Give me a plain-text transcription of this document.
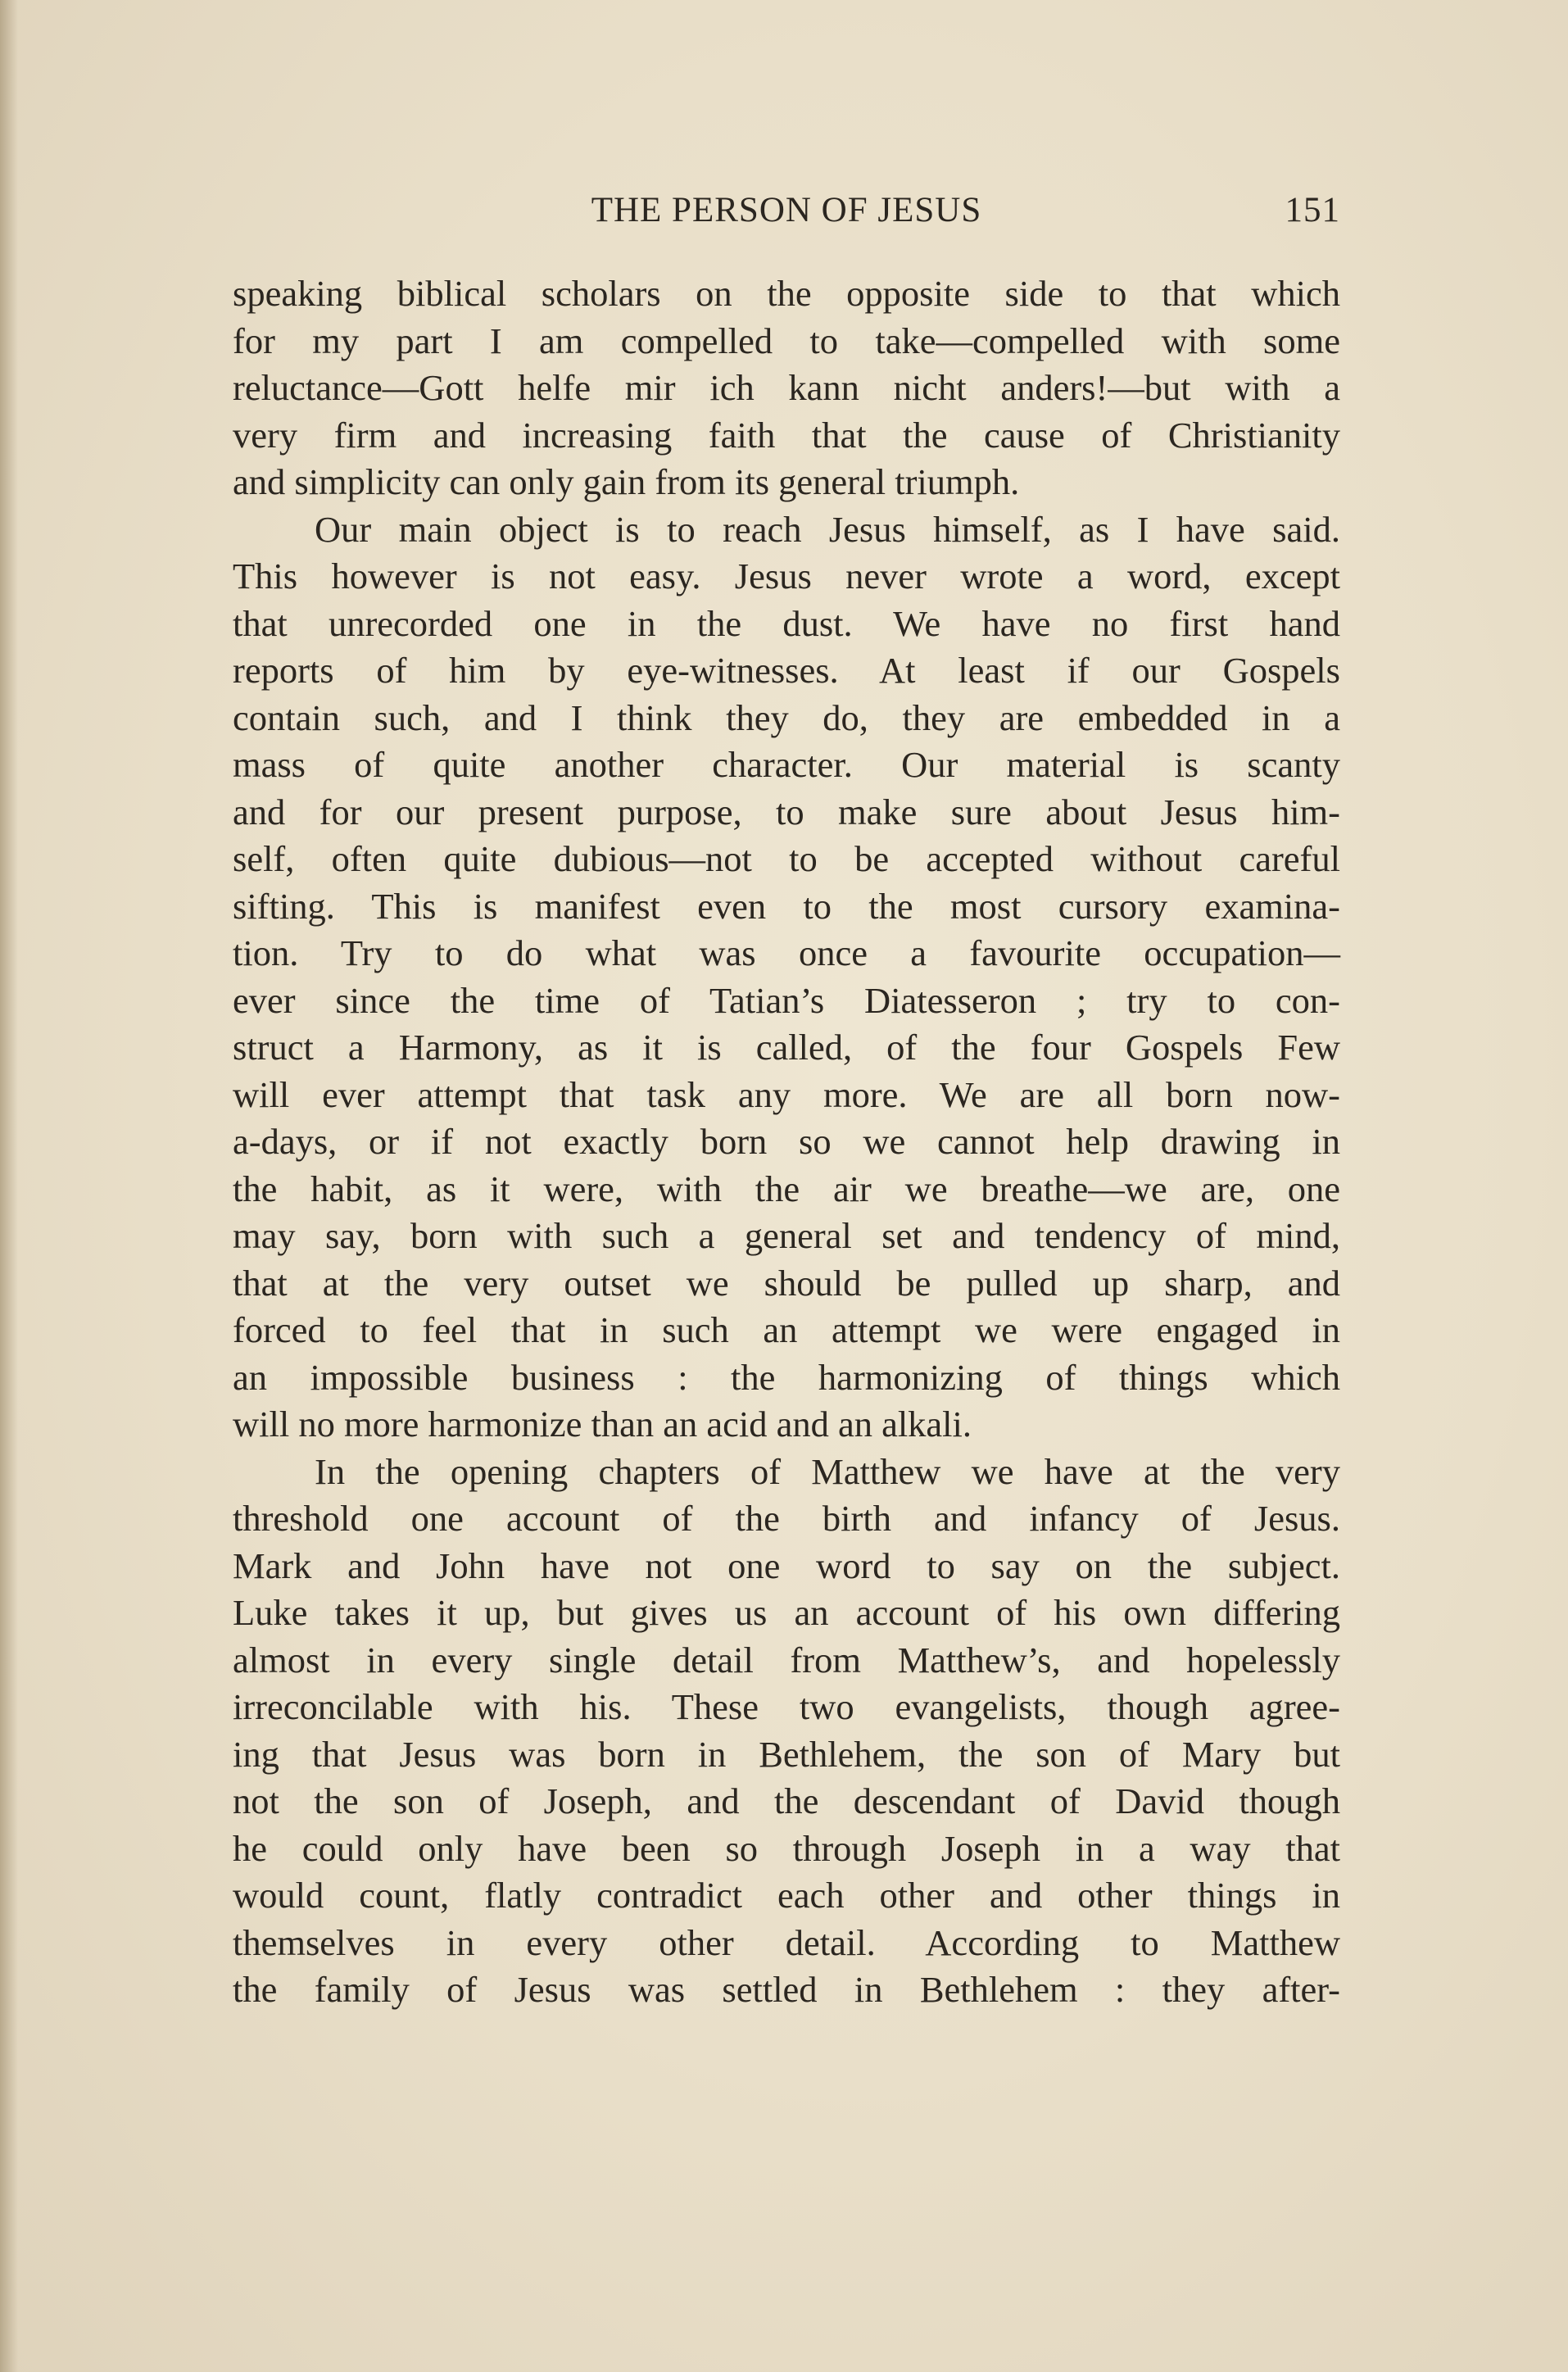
THE PERSON OF JESUS	151
speaking biblical scholars on the opposite side to that which
for my part I am compelled to take—compelled with some
reluctance—Gott helfe mir ich kann nicht anders!—but with a
very firm and increasing faith that the cause of Christianity
and simplicity can only gain from its general triumph.
Our main object is to reach Jesus himself, as I have said.
This however is not easy. Jesus never wrote a word, except
that unrecorded one in the dust. We have no first hand
reports of him by eye-witnesses. At least if our Gospels
contain such, and I think they do, they are embedded in a
mass of quite another character. Our material is scanty
and for our present purpose, to make sure about Jesus him-
self, often quite dubious—not to be accepted without careful
sifting. This is manifest even to the most cursory examina-
tion. Try to do what was once a favourite occupation—
ever since the time of Tatian’s Diatesseron ; try to con-
struct a Harmony, as it is called, of the four Gospels Few
will ever attempt that task any more. We are all born now-
a-days, or if not exactly born so we cannot help drawing in
the habit, as it were, with the air we breathe—we are, one
may say, born with such a general set and tendency of mind,
that at the very outset we should be pulled up sharp, and
forced to feel that in such an attempt we were engaged in
an impossible business : the harmonizing of things which
will no more harmonize than an acid and an alkali.
In the opening chapters of Matthew we have at the very
threshold one account of the birth and infancy of Jesus.
Mark and John have not one word to say on the subject.
Luke takes it up, but gives us an account of his own differing
almost in every single detail from Matthew’s, and hopelessly
irreconcilable with his. These two evangelists, though agree-
ing that Jesus was born in Bethlehem, the son of Mary but
not the son of Joseph, and the descendant of David though
he could only have been so through Joseph in a way that
would count, flatly contradict each other and other things in
themselves in every other detail. According to Matthew
the family of Jesus was settled in Bethlehem : they after-
